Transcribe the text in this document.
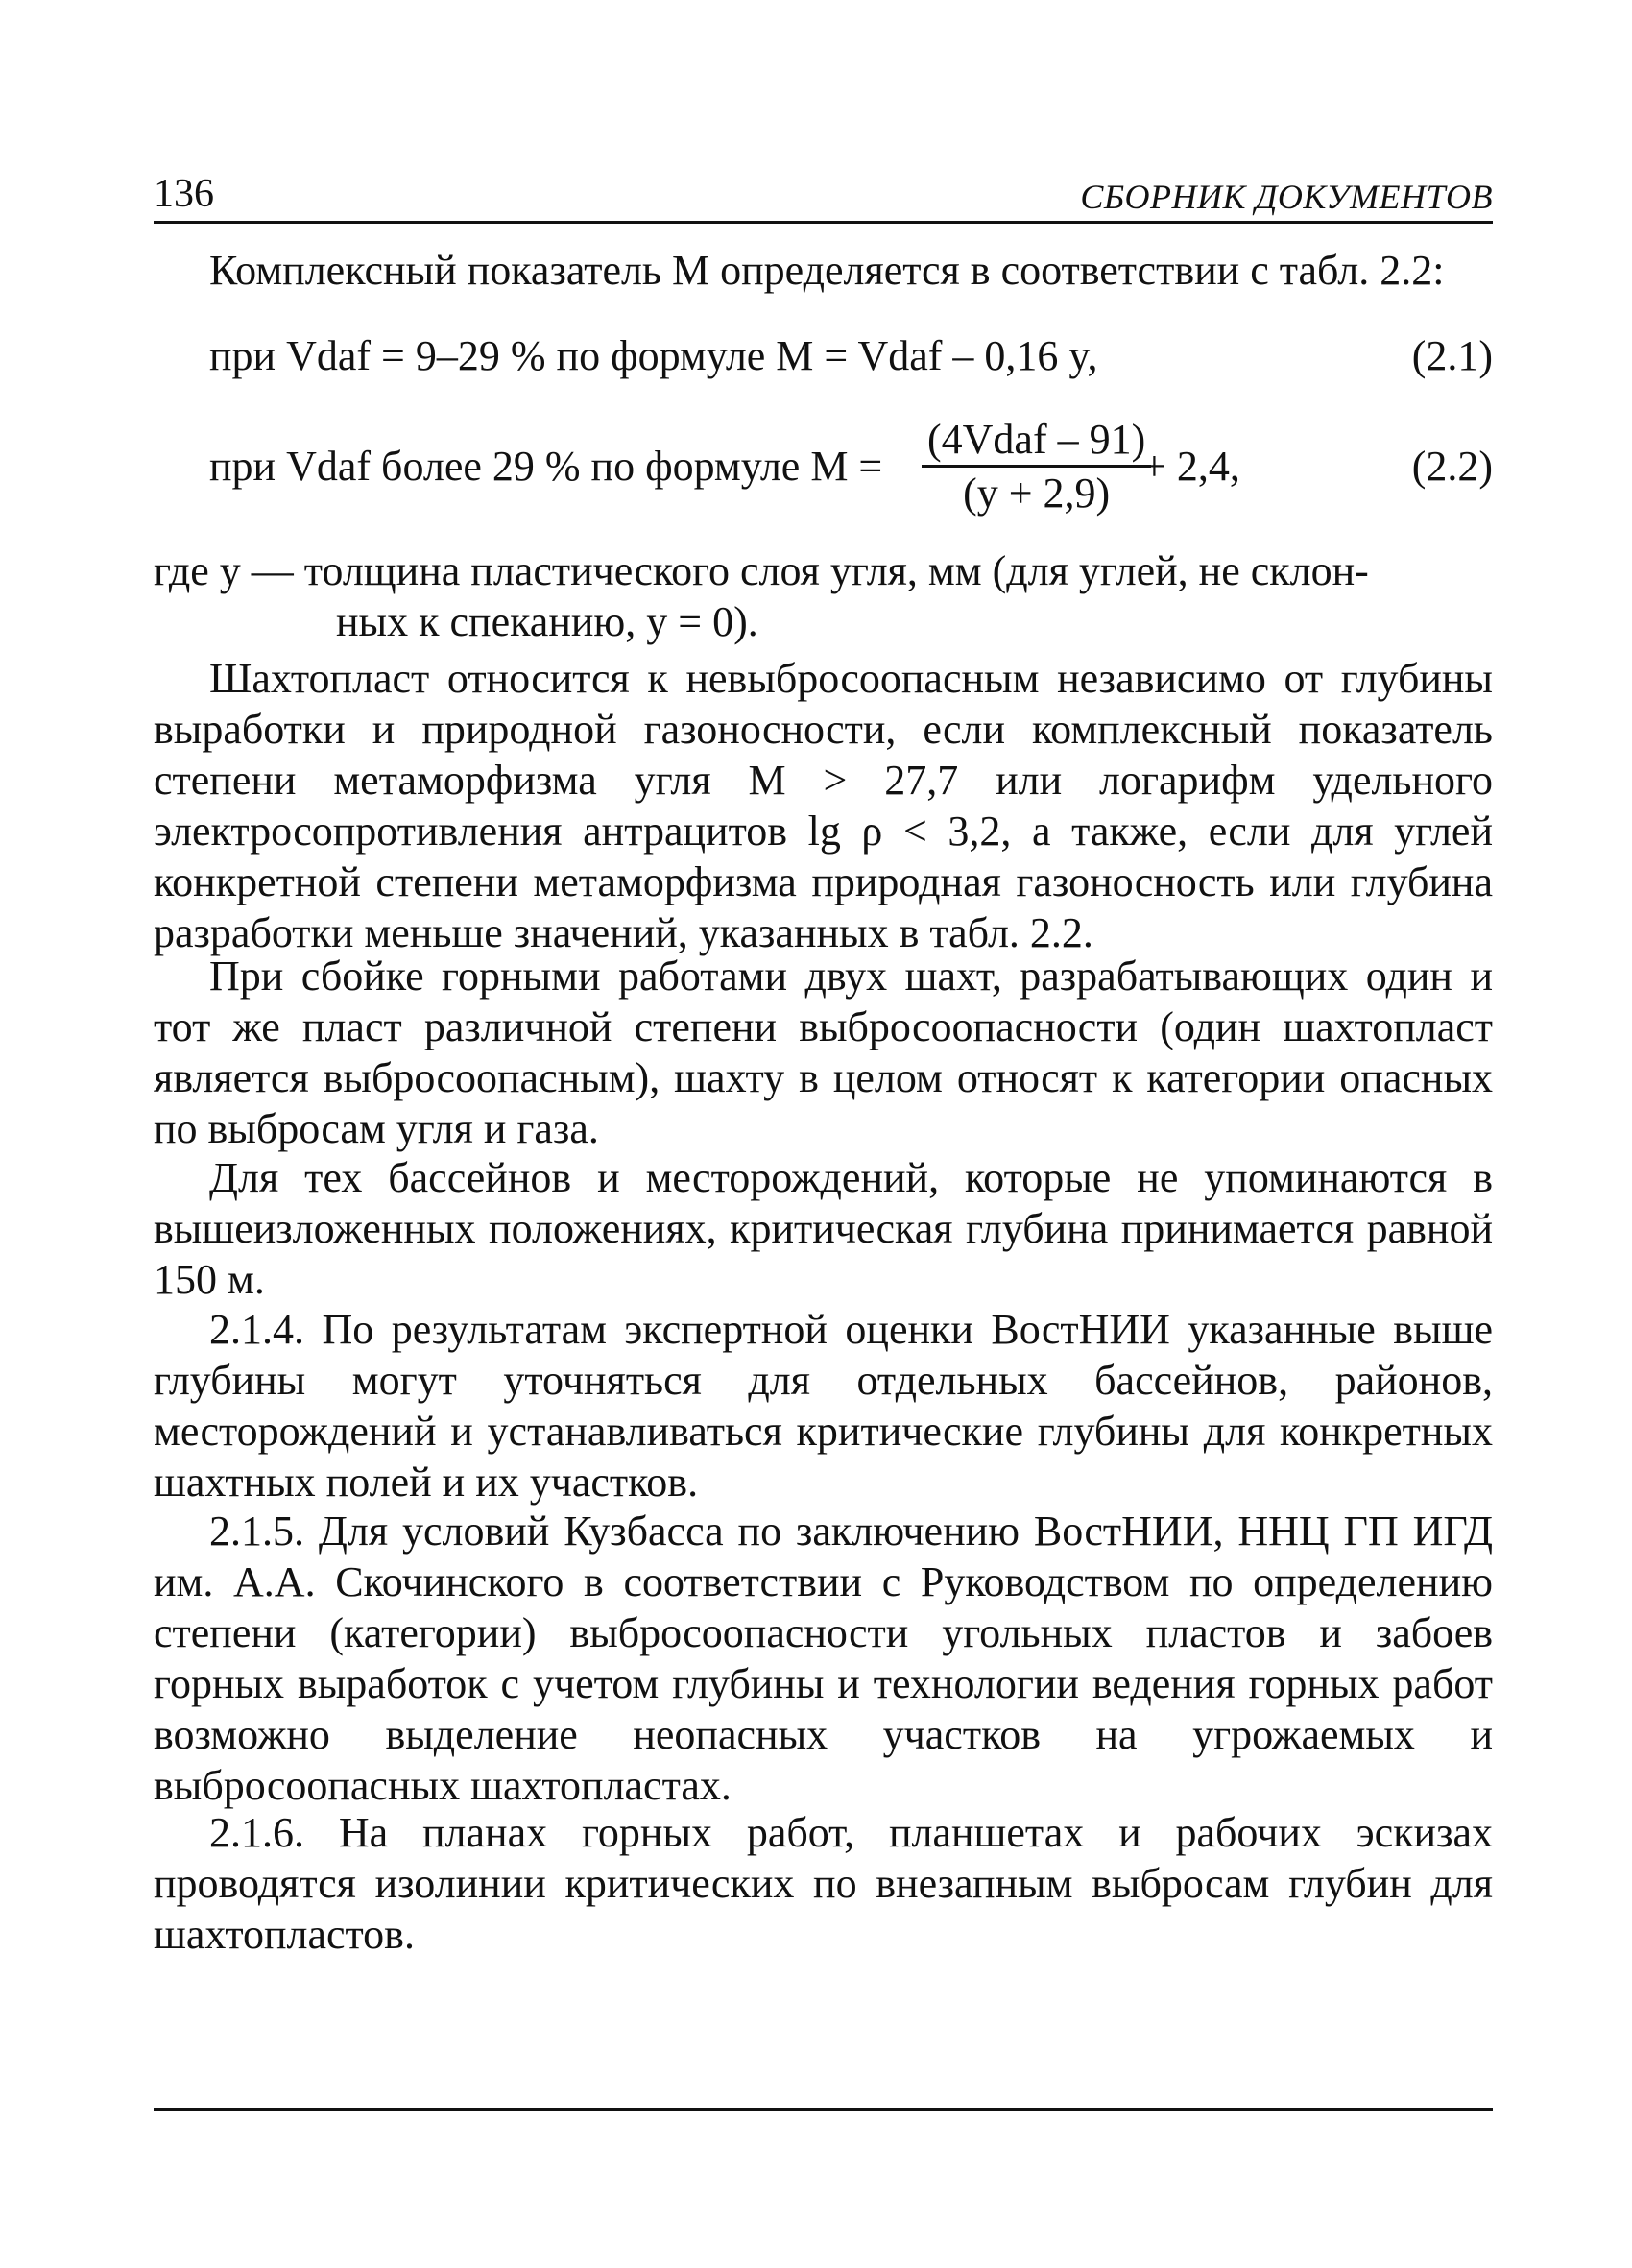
136	СБОРНИК ДОКУМЕНТОВ
Комплексный показатель М определяется в соответствии с табл. 2.2:
при Vdaf = 9–29 % по формуле M = Vdaf – 0,16 y,	(2.1)
при Vdaf более 29 % по формуле M =
(4Vdaf – 91)
(y + 2,9)
+ 2,4,	(2.2)
где y — толщина пластического слоя угля, мм (для углей, не склон-
ных к спеканию, y = 0).
Шахтопласт относится к невыбросоопасным независимо от глубины выработки и природной газоносности, если комплексный показатель степени метаморфизма угля M > 27,7 или логарифм удельного электросопротивления антрацитов lg ρ < 3,2, а также, если для углей конкретной степени метаморфизма природная газоносность или глубина разработки меньше значений, указанных в табл. 2.2.
При сбойке горными работами двух шахт, разрабатывающих один и тот же пласт различной степени выбросоопасности (один шахтопласт является выбросоопасным), шахту в целом относят к категории опасных по выбросам угля и газа.
Для тех бассейнов и месторождений, которые не упоминаются в вышеизложенных положениях, критическая глубина принимается равной 150 м.
2.1.4. По результатам экспертной оценки ВостНИИ указанные выше глубины могут уточняться для отдельных бассейнов, районов, месторождений и устанавливаться критические глубины для конкретных шахтных полей и их участков.
2.1.5. Для условий Кузбасса по заключению ВостНИИ, ННЦ ГП ИГД им. А.А. Скочинского в соответствии с Руководством по определению степени (категории) выбросоопасности угольных пластов и забоев горных выработок с учетом глубины и технологии ведения горных работ возможно выделение неопасных участков на угрожаемых и выбросоопасных шахтопластах.
2.1.6. На планах горных работ, планшетах и рабочих эскизах проводятся изолинии критических по внезапным выбросам глубин для шахтопластов.
